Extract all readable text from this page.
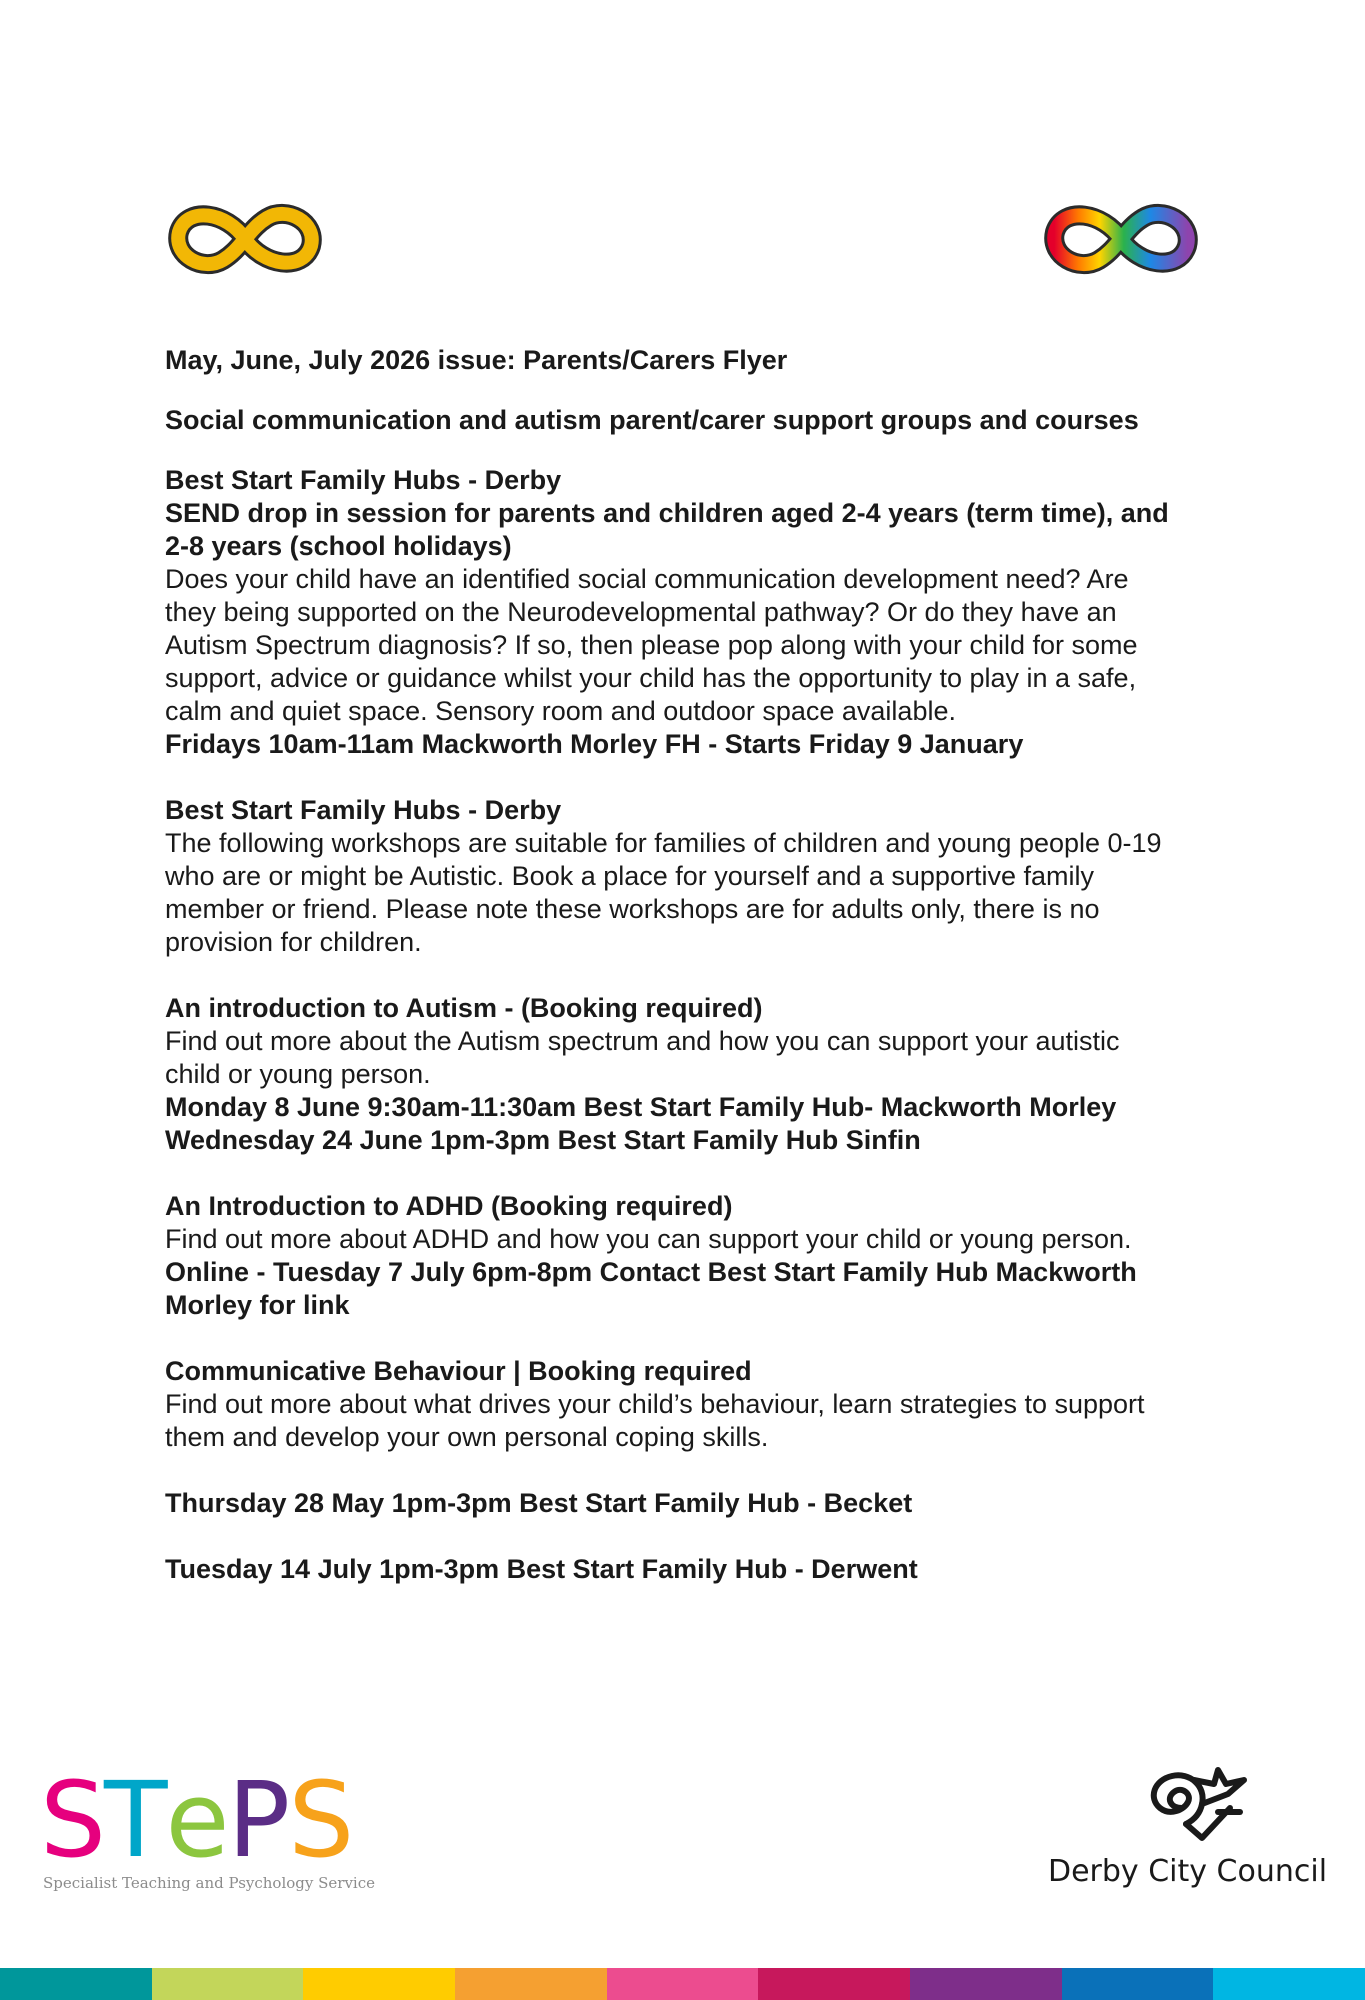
May, June, July 2026 issue: Parents/Carers Flyer

Social communication and autism parent/carer support groups and courses

Best Start Family Hubs - Derby

SEND drop in session for parents and children aged 2-4 years (term time), and

2-8 years (school holidays)

Does your child have an identified social communication development need? Are

they being supported on the Neurodevelopmental pathway? Or do they have an

Autism Spectrum diagnosis? If so, then please pop along with your child for some

support, advice or guidance whilst your child has the opportunity to play in a safe,

calm and quiet space. Sensory room and outdoor space available.

Fridays 10am-11am Mackworth Morley FH - Starts Friday 9 January

Best Start Family Hubs - Derby

The following workshops are suitable for families of children and young people 0-19

who are or might be Autistic. Book a place for yourself and a supportive family

member or friend. Please note these workshops are for adults only, there is no

provision for children.

An introduction to Autism - (Booking required)

Find out more about the Autism spectrum and how you can support your autistic

child or young person.

Monday 8 June 9:30am-11:30am Best Start Family Hub- Mackworth Morley

Wednesday 24 June 1pm-3pm Best Start Family Hub Sinfin

An Introduction to ADHD (Booking required)

Find out more about ADHD and how you can support your child or young person.

Online - Tuesday 7 July 6pm-8pm Contact Best Start Family Hub Mackworth

Morley for link

Communicative Behaviour | Booking required

Find out more about what drives your child’s behaviour, learn strategies to support

them and develop your own personal coping skills.

Thursday 28 May 1pm-3pm Best Start Family Hub - Becket

Tuesday 14 July 1pm-3pm Best Start Family Hub - Derwent

STePS
Specialist Teaching and Psychology Service	Derby City Council
